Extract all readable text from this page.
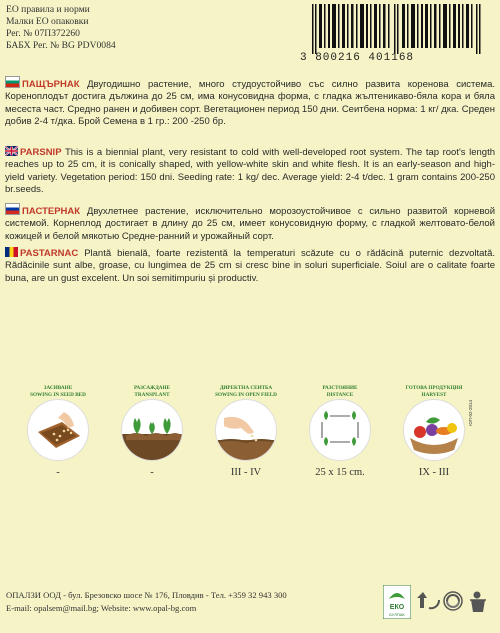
ЕО правила и норми
Малки ЕО опаковки
Рег. № 07ПЗ72260
БАБХ Рег. № BG PDV0084
3 800216 401168
ПАЩЪРНАК Двугодишно растение, много студоустойчиво със силно развита коренова система. Кореноплодът достига дължина до 25 см, има конусовидна форма, с гладка жълтеникаво-бяла кора и бяла месеста част. Средно ранен и добивен сорт. Вегетационен период 150 дни. Сеитбена норма: 1 кг/ дка. Среден добив 2-4 т/дка. Брой Семена в 1 гр.: 200 -250 бр.
PARSNIP This is a biennial plant, very resistant to cold with well-developed root system. The tap root's length reaches up to 25 cm, it is conically shaped, with yellow-white skin and white flesh. It is an early-season and high-yield variety. Vegetation period: 150 dni. Seeding rate: 1 kg/ dec. Average yield: 2-4 t/dec. 1 gram contains 200-250 br.seeds.
ПАСТЕРНАК Двухлетнее растение, исключительно морозоустойчивое с сильно развитой корневой системой. Корнеплод достигает в длину до 25 см, имеет конусовидную форму, с гладкой желтовато-белой кожицей и белой мякотью Средне-ранний и урожайный сорт.
PASTARNAC Plantă bienală, foarte rezistentă la temperaturi scăzute cu o rădăcină puternic dezvoltată. Rădăcinile sunt albe, groase, cu lungimea de 25 cm si cresc bine in soluri superficiale. Soiul are o calitate foarte buna, are un gust excelent. Un soi semitimpuriu și productiv.
ЗАСИВАНЕ
SOWING IN SEED BED
-
РАЗСАЖДАНЕ
TRANSPLANT
-
ДИРЕКТНА СЕИТБА
SOWING IN OPEN FIELD
III - IV
РАЗСТОЯНИЕ
DISTANCE
25 x 15 cm.
ГОТОВА ПРОДУКЦИЯ
HARVEST
IX - III
ЮП-02-2014
ОПАЛЗИ ООД - бул. Брезовско шосе № 176, Пловдив - Тел. +359 32 943 300
E-mail: opalsem@mail.bg; Website: www.opal-bg.com	ЕКО
БУЛПАК
